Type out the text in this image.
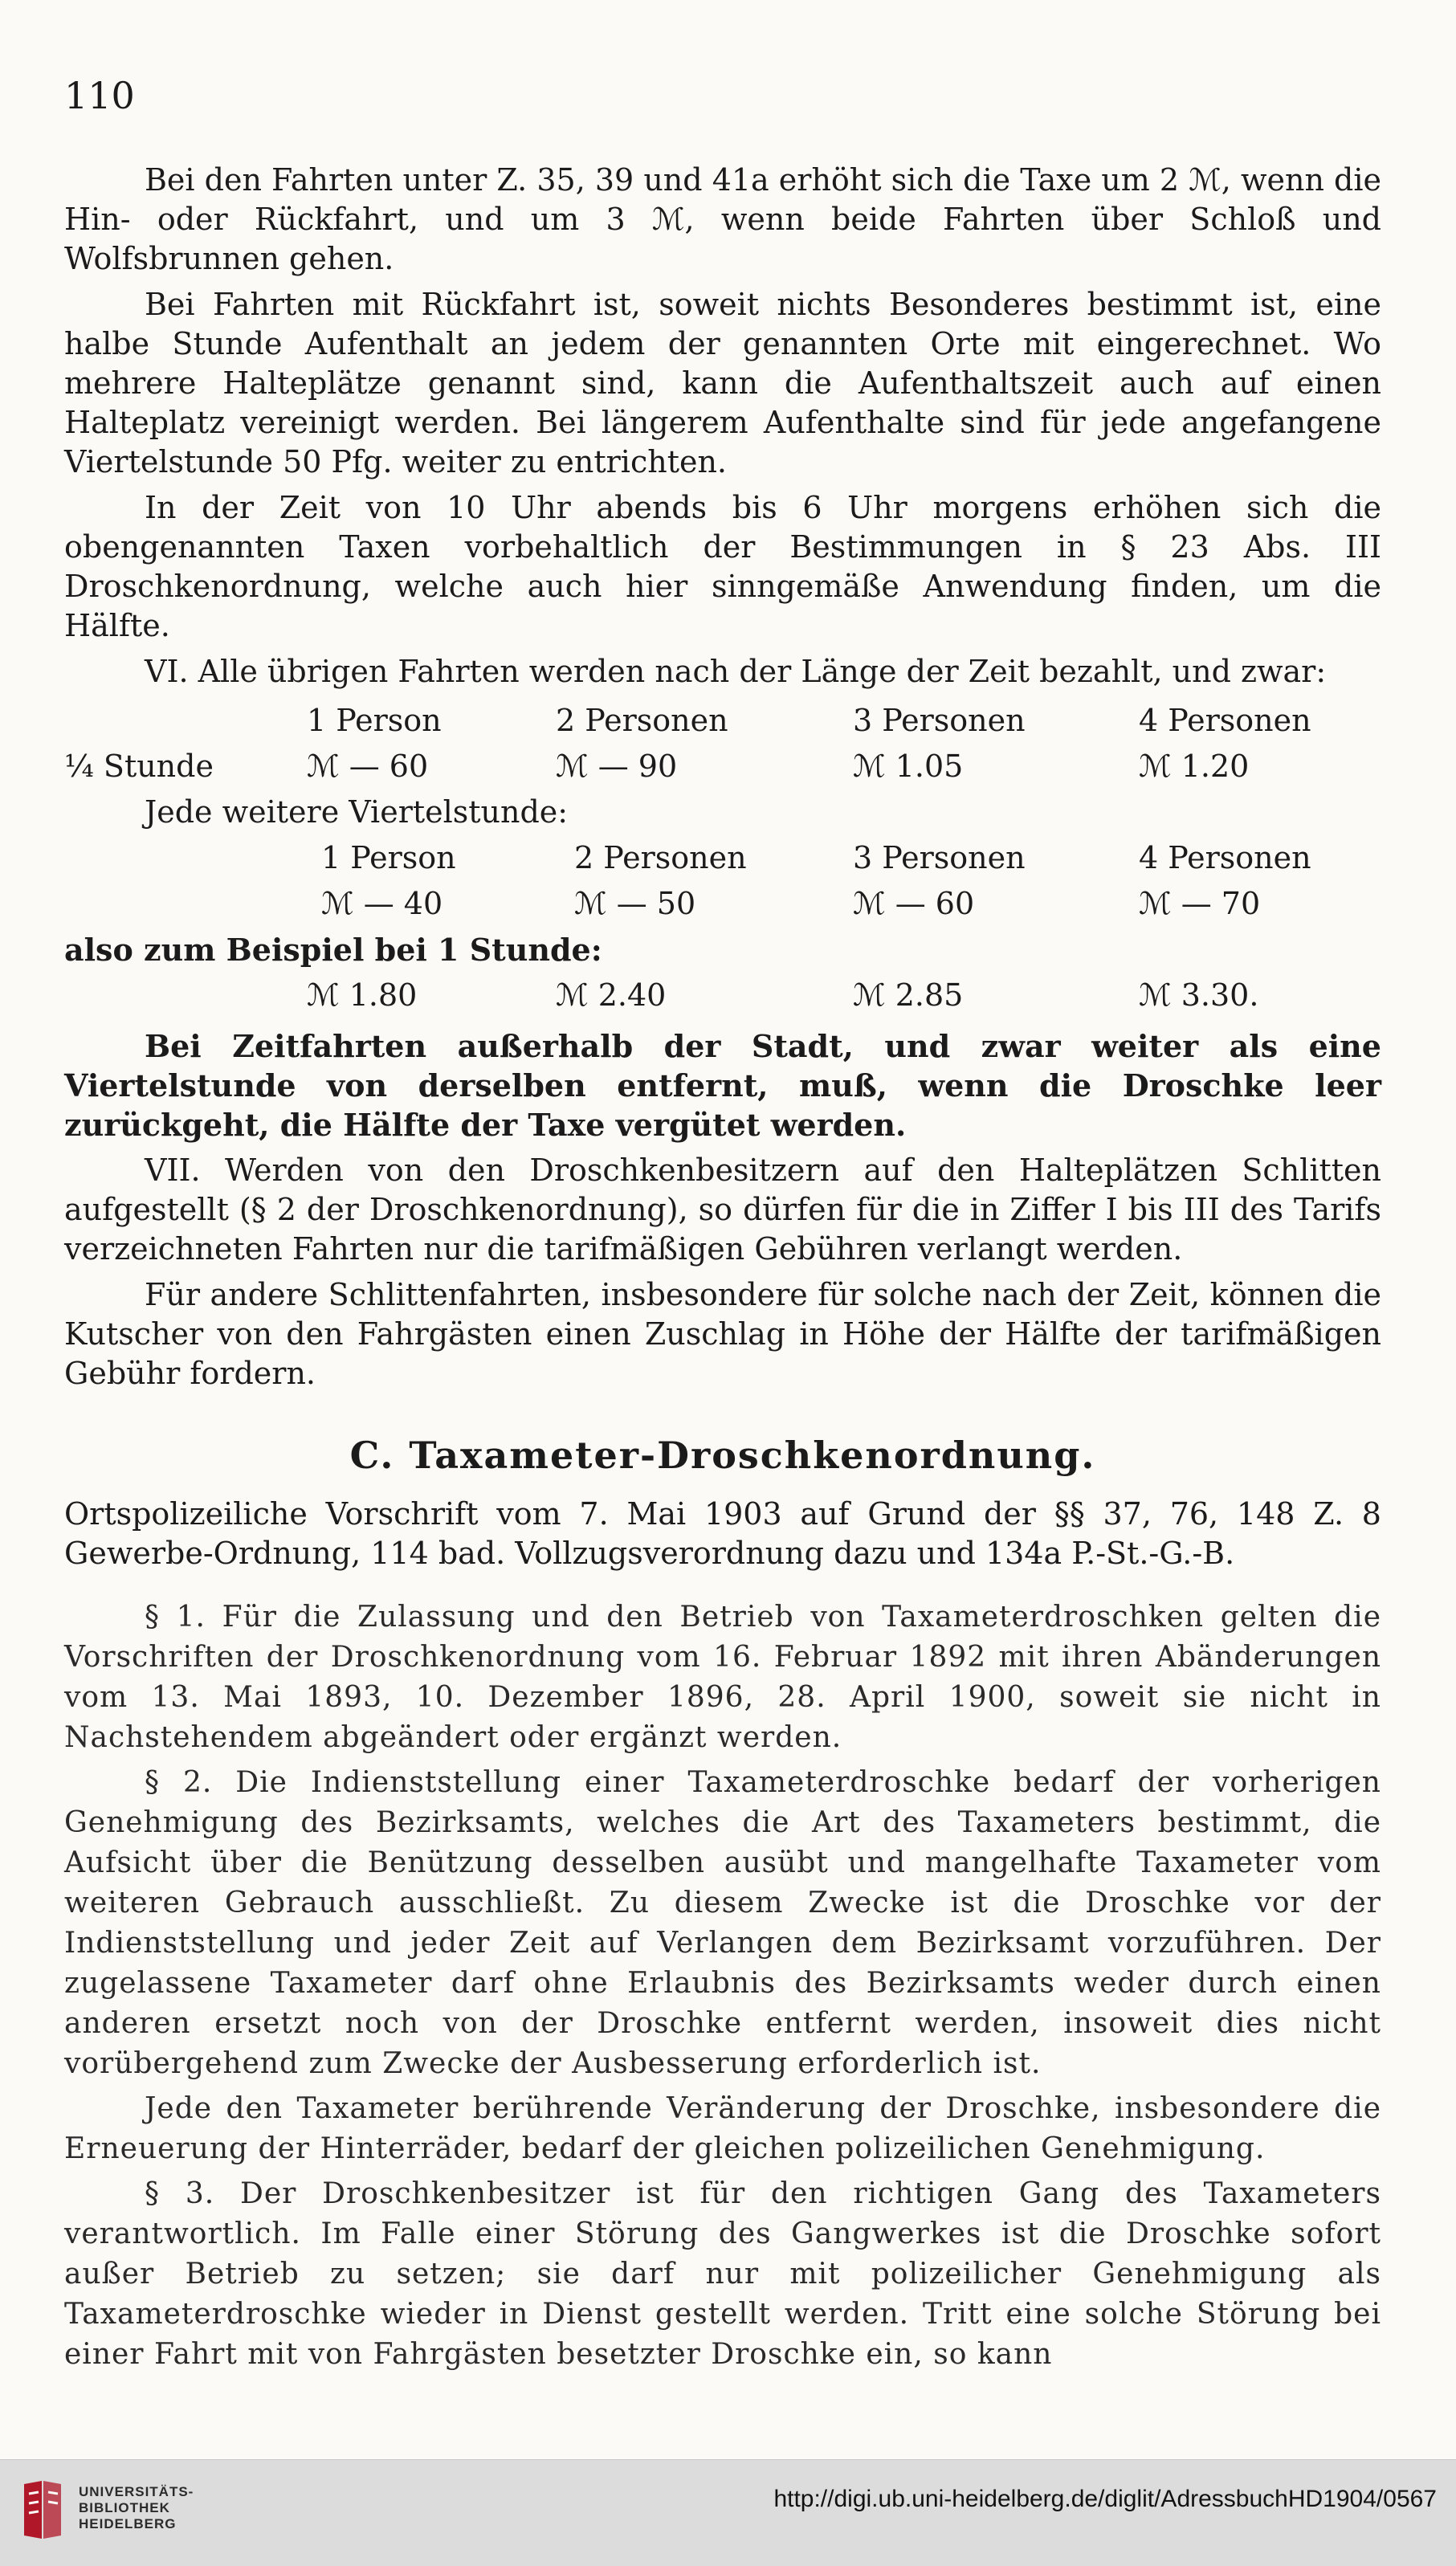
110

Bei den Fahrten unter Z. 35, 39 und 41a erhöht sich die Taxe um 2 ℳ, wenn die Hin- oder Rückfahrt, und um 3 ℳ, wenn beide Fahrten über Schloß und Wolfsbrunnen gehen.

Bei Fahrten mit Rückfahrt ist, soweit nichts Besonderes bestimmt ist, eine halbe Stunde Aufenthalt an jedem der genannten Orte mit eingerechnet. Wo mehrere Halteplätze genannt sind, kann die Aufenthaltszeit auch auf einen Halteplatz vereinigt werden. Bei längerem Aufenthalte sind für jede angefangene Viertelstunde 50 Pfg. weiter zu entrichten.

In der Zeit von 10 Uhr abends bis 6 Uhr morgens erhöhen sich die obengenannten Taxen vorbehaltlich der Bestimmungen in § 23 Abs. III Droschkenordnung, welche auch hier sinngemäße Anwendung finden, um die Hälfte.

VI. Alle übrigen Fahrten werden nach der Länge der Zeit bezahlt, und zwar:

1 Person	2 Personen	3 Personen	4 Personen
¼ Stunde	ℳ — 60	ℳ — 90	ℳ 1.05	ℳ 1.20
Jede weitere Viertelstunde:
1 Person	2 Personen	3 Personen	4 Personen
ℳ — 40	ℳ — 50	ℳ — 60	ℳ — 70
also zum Beispiel bei 1 Stunde:
ℳ 1.80	ℳ 2.40	ℳ 2.85	ℳ 3.30.

Bei Zeitfahrten außerhalb der Stadt, und zwar weiter als eine Viertelstunde von derselben entfernt, muß, wenn die Droschke leer zurückgeht, die Hälfte der Taxe vergütet werden.

VII. Werden von den Droschkenbesitzern auf den Halteplätzen Schlitten aufgestellt (§ 2 der Droschkenordnung), so dürfen für die in Ziffer I bis III des Tarifs verzeichneten Fahrten nur die tarifmäßigen Gebühren verlangt werden.

Für andere Schlittenfahrten, insbesondere für solche nach der Zeit, können die Kutscher von den Fahrgästen einen Zuschlag in Höhe der Hälfte der tarifmäßigen Gebühr fordern.

C. Taxameter-Droschkenordnung.

Ortspolizeiliche Vorschrift vom 7. Mai 1903 auf Grund der §§ 37, 76, 148 Z. 8 Gewerbe-Ordnung, 114 bad. Vollzugsverordnung dazu und 134a P.-St.-G.-B.

§ 1. Für die Zulassung und den Betrieb von Taxameterdroschken gelten die Vorschriften der Droschkenordnung vom 16. Februar 1892 mit ihren Abänderungen vom 13. Mai 1893, 10. Dezember 1896, 28. April 1900, soweit sie nicht in Nachstehendem abgeändert oder ergänzt werden.

§ 2. Die Indienststellung einer Taxameterdroschke bedarf der vorherigen Genehmigung des Bezirksamts, welches die Art des Taxameters bestimmt, die Aufsicht über die Benützung desselben ausübt und mangelhafte Taxameter vom weiteren Gebrauch ausschließt. Zu diesem Zwecke ist die Droschke vor der Indienststellung und jeder Zeit auf Verlangen dem Bezirksamt vorzuführen. Der zugelassene Taxameter darf ohne Erlaubnis des Bezirksamts weder durch einen anderen ersetzt noch von der Droschke entfernt werden, insoweit dies nicht vorübergehend zum Zwecke der Ausbesserung erforderlich ist.

Jede den Taxameter berührende Veränderung der Droschke, insbesondere die Erneuerung der Hinterräder, bedarf der gleichen polizeilichen Genehmigung.

§ 3. Der Droschkenbesitzer ist für den richtigen Gang des Taxameters verantwortlich. Im Falle einer Störung des Gangwerkes ist die Droschke sofort außer Betrieb zu setzen; sie darf nur mit polizeilicher Genehmigung als Taxameterdroschke wieder in Dienst gestellt werden. Tritt eine solche Störung bei einer Fahrt mit von Fahrgästen besetzter Droschke ein, so kann

UNIVERSITÄTS-
BIBLIOTHEK
HEIDELBERG
http://digi.ub.uni-heidelberg.de/diglit/AdressbuchHD1904/0567
